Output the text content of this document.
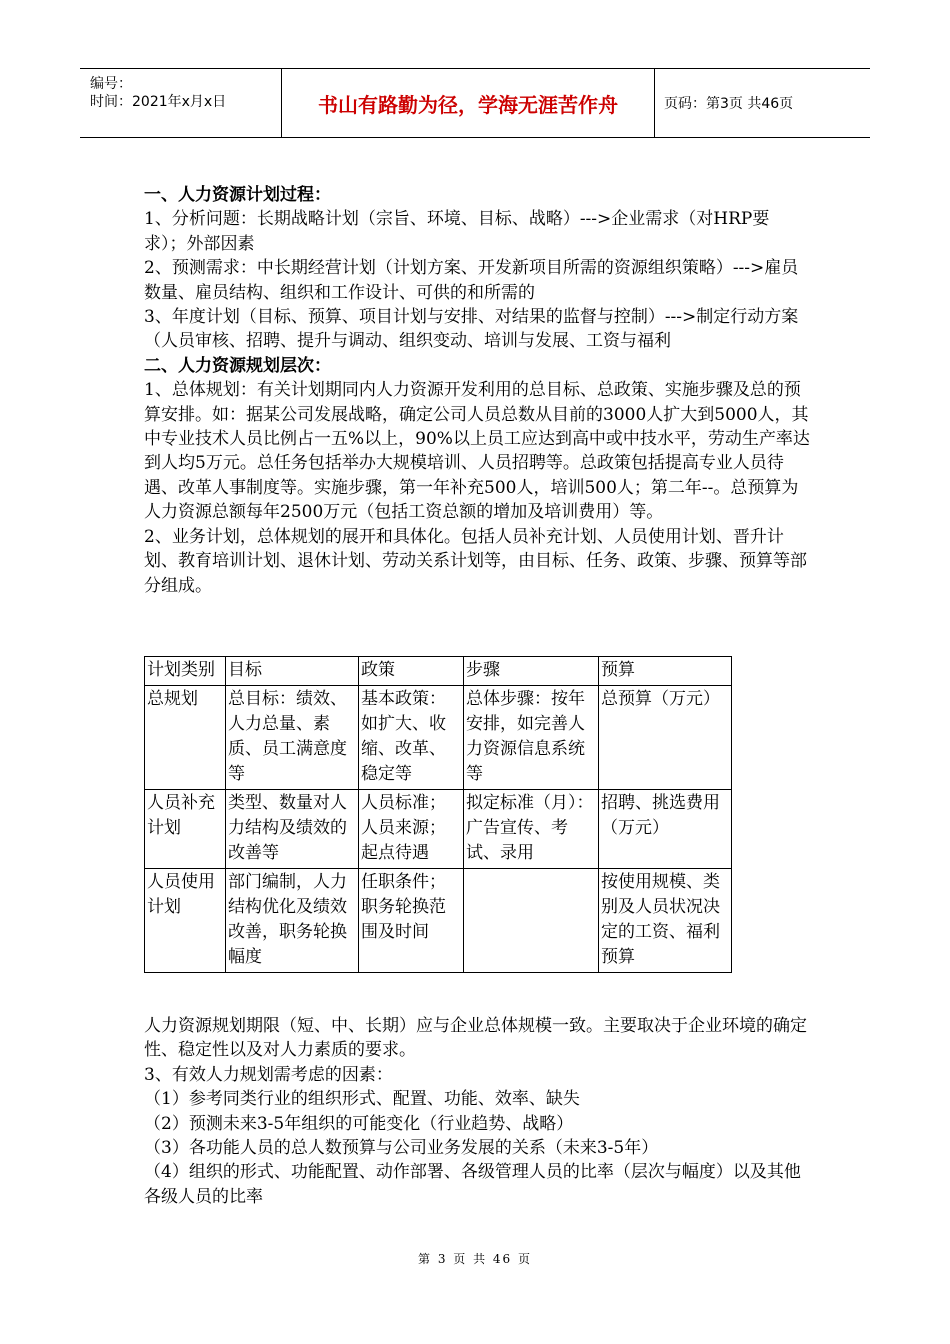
编号：
时间：2021年x月x日	书山有路勤为径，学海无涯苦作舟	页码：第3页 共46页

一、人力资源计划过程：

1、分析问题：长期战略计划（宗旨、环境、目标、战略）--->企业需求（对HRP要求）；外部因素

2、预测需求：中长期经营计划（计划方案、开发新项目所需的资源组织策略）--->雇员数量、雇员结构、组织和工作设计、可供的和所需的

3、年度计划（目标、预算、项目计划与安排、对结果的监督与控制）--->制定行动方案（人员审核、招聘、提升与调动、组织变动、培训与发展、工资与福利

二、人力资源规划层次：

1、总体规划：有关计划期同内人力资源开发利用的总目标、总政策、实施步骤及总的预算安排。如：据某公司发展战略，确定公司人员总数从目前的3000人扩大到5000人，其中专业技术人员比例占一五%以上，90%以上员工应达到高中或中技水平，劳动生产率达到人均5万元。总任务包括举办大规模培训、人员招聘等。总政策包括提高专业人员待遇、改革人事制度等。实施步骤，第一年补充500人，培训500人；第二年--。总预算为人力资源总额每年2500万元（包括工资总额的增加及培训费用）等。

2、业务计划，总体规划的展开和具体化。包括人员补充计划、人员使用计划、晋升计划、教育培训计划、退休计划、劳动关系计划等，由目标、任务、政策、步骤、预算等部分组成。

计划类别	目标	政策	步骤	预算
总规划	总目标：绩效、人力总量、素质、员工满意度等	基本政策：如扩大、收缩、改革、稳定等	总体步骤：按年安排，如完善人力资源信息系统等	总预算（万元）
人员补充计划	类型、数量对人力结构及绩效的改善等	人员标准；人员来源；起点待遇	拟定标准（月）：广告宣传、考试、录用	招聘、挑选费用（万元）
人员使用计划	部门编制，人力结构优化及绩效改善，职务轮换幅度	任职条件；职务轮换范围及时间		按使用规模、类别及人员状况决定的工资、福利预算

人力资源规划期限（短、中、长期）应与企业总体规模一致。主要取决于企业环境的确定性、稳定性以及对人力素质的要求。

3、有效人力规划需考虑的因素：

（1）参考同类行业的组织形式、配置、功能、效率、缺失

（2）预测未来3-5年组织的可能变化（行业趋势、战略）

（3）各功能人员的总人数预算与公司业务发展的关系（未来3-5年）

（4）组织的形式、功能配置、动作部署、各级管理人员的比率（层次与幅度）以及其他各级人员的比率

第 3 页 共 46 页
